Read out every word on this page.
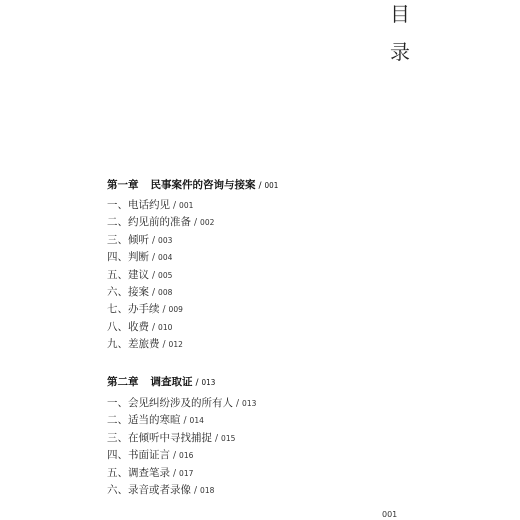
目
录
第一章 民事案件的咨询与接案 / 001
一、电话约见 / 001
二、约见前的准备 / 002
三、倾听 / 003
四、判断 / 004
五、建议 / 005
六、接案 / 008
七、办手续 / 009
八、收费 / 010
九、差旅费 / 012
第二章 调查取证 / 013
一、会见纠纷涉及的所有人 / 013
二、适当的寒暄 / 014
三、在倾听中寻找捕捉 / 015
四、书面证言 / 016
五、调查笔录 / 017
六、录音或者录像 / 018
001
